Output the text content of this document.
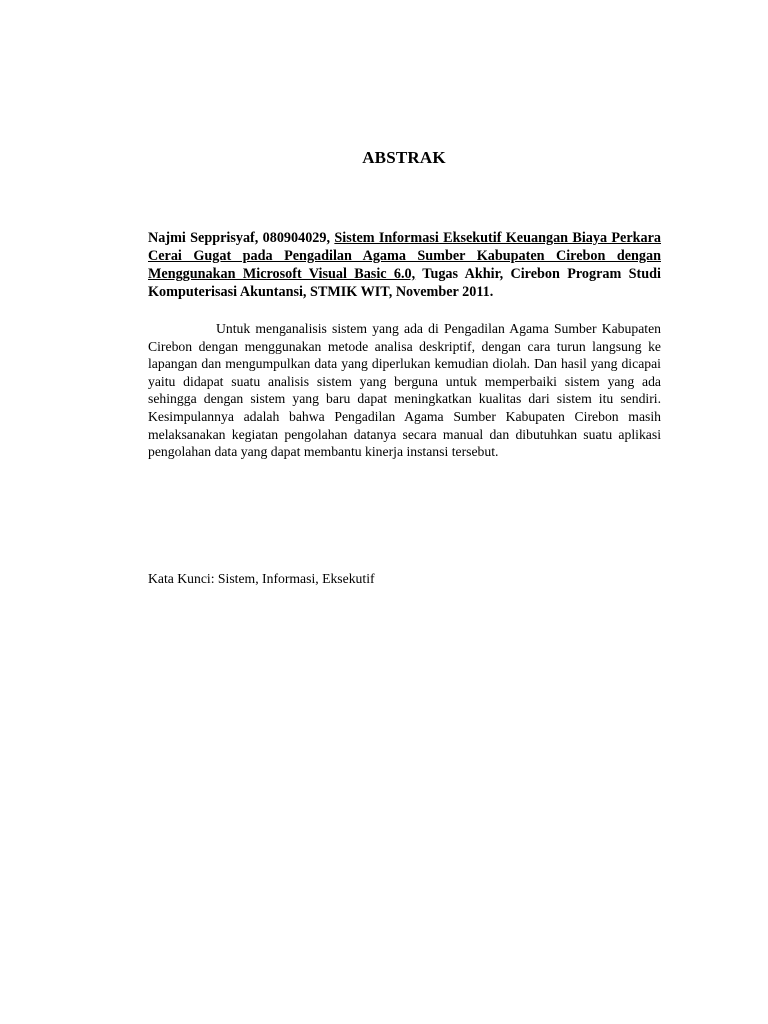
ABSTRAK

Najmi Sepprisyaf, 080904029, Sistem Informasi Eksekutif Keuangan Biaya Perkara Cerai Gugat pada Pengadilan Agama Sumber Kabupaten Cirebon dengan Menggunakan Microsoft Visual Basic 6.0, Tugas Akhir, Cirebon Program Studi Komputerisasi Akuntansi, STMIK WIT, November 2011.

Untuk menganalisis sistem yang ada di Pengadilan Agama Sumber Kabupaten Cirebon dengan menggunakan metode analisa deskriptif, dengan cara turun langsung ke lapangan dan mengumpulkan data yang diperlukan kemudian diolah. Dan hasil yang dicapai yaitu didapat suatu analisis sistem yang berguna untuk memperbaiki sistem yang ada sehingga dengan sistem yang baru dapat meningkatkan kualitas dari sistem itu sendiri. Kesimpulannya adalah bahwa Pengadilan Agama Sumber Kabupaten Cirebon masih melaksanakan kegiatan pengolahan datanya secara manual dan dibutuhkan suatu aplikasi pengolahan data yang dapat membantu kinerja instansi tersebut.

Kata Kunci: Sistem, Informasi, Eksekutif
